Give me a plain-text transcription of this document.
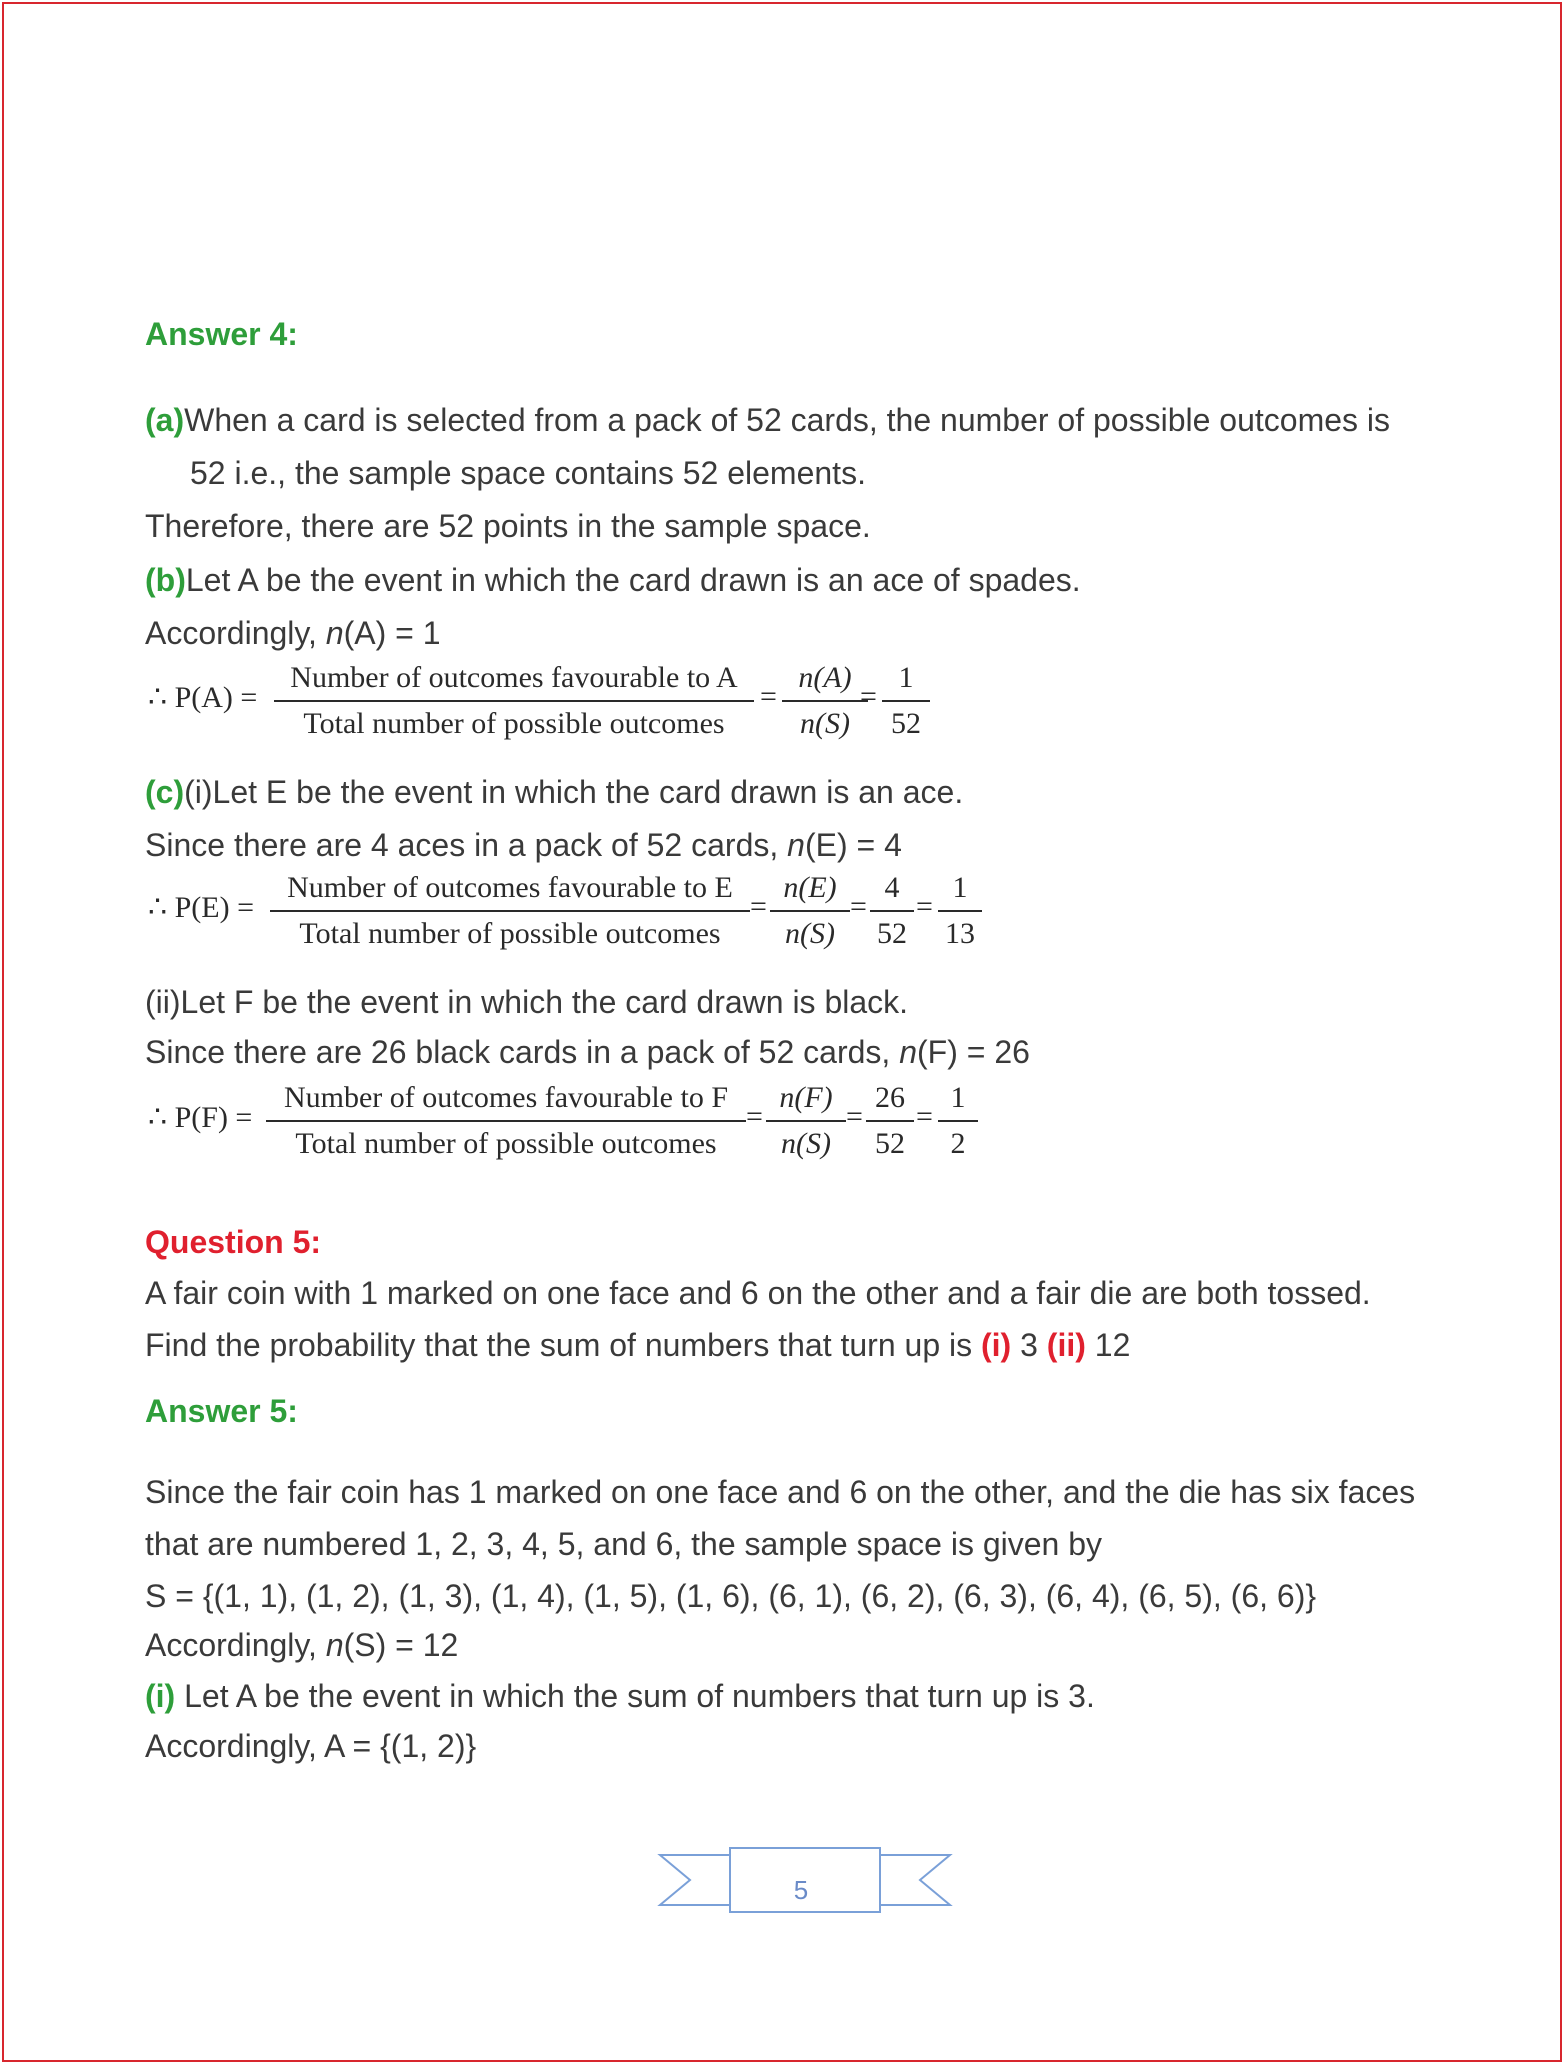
Answer 4:
(a)When a card is selected from a pack of 52 cards, the number of possible outcomes is
52 i.e., the sample space contains 52 elements.
Therefore, there are 52 points in the sample space.
(b)Let A be the event in which the card drawn is an ace of spades.
Accordingly, n(A) = 1
∴ P(A) =
Number of outcomes favourable to A
Total number of possible outcomes
=
n(A)
n(S)
=
1
52
(c)(i)Let E be the event in which the card drawn is an ace.
Since there are 4 aces in a pack of 52 cards, n(E) = 4
∴ P(E) =
Number of outcomes favourable to E
Total number of possible outcomes
=
n(E)
n(S)
=
4
52
=
1
13
(ii)Let F be the event in which the card drawn is black.
Since there are 26 black cards in a pack of 52 cards, n(F) = 26
∴ P(F) =
Number of outcomes favourable to F
Total number of possible outcomes
=
n(F)
n(S)
=
26
52
=
1
2
Question 5:
A fair coin with 1 marked on one face and 6 on the other and a fair die are both tossed.
Find the probability that the sum of numbers that turn up is (i) 3 (ii) 12
Answer 5:
Since the fair coin has 1 marked on one face and 6 on the other, and the die has six faces
that are numbered 1, 2, 3, 4, 5, and 6, the sample space is given by
S = {(1, 1), (1, 2), (1, 3), (1, 4), (1, 5), (1, 6), (6, 1), (6, 2), (6, 3), (6, 4), (6, 5), (6, 6)}
Accordingly, n(S) = 12
(i) Let A be the event in which the sum of numbers that turn up is 3.
Accordingly, A = {(1, 2)}
5
